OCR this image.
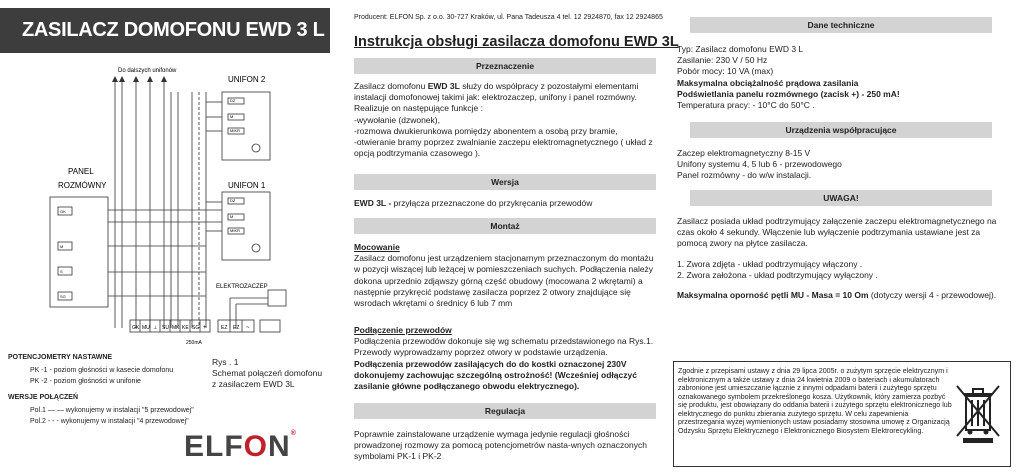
ZASILACZ DOMOFONU EWD 3 L
Do dalszych unifonów
UNIFON 2
UNIFON 1
PANEL
ROZMÓWNY
ELEKTROZACZEP
250mA
DZ
M
MIKR
DZ
M
MIKR
GK
M
S
SG
GK MU ⊥ SU MK KE SG +	EZ EZ ~
POTENCJOMETRY NASTAWNE
PK -1 - poziom głośności w kasecie domofonu
PK -2 - poziom głośności w unifonie
WERSJE POŁĄCZEŃ
Pol.1 — — wykonujemy w instalacji "5 przewodowej"
Pol.2 - - - wykonujemy w instalacji "4 przewodowej"
Rys . 1
Schemat połączeń domofonu
z zasilaczem EWD 3L
ELFON®
Producent: ELFON Sp. z o.o. 30-727 Kraków, ul. Pana Tadeusza 4 tel. 12 2924870, fax 12 2924865
Instrukcja obsługi zasilacza domofonu EWD 3L
Przeznaczenie
Zasilacz domofonu EWD 3L służy do współpracy z pozostałymi elementami instalacji domofonowej takimi jak: elektrozaczep, unifony i panel rozmówny. Realizuje on następujące funkcje :
-wywołanie (dzwonek),
-rozmowa dwukierunkowa pomiędzy abonentem a osobą przy bramie,
-otwieranie bramy poprzez zwalnianie zaczepu elektromagnetycznego ( układ z opcją podtrzymania czasowego ).
Wersja
EWD 3L - przyłącza przeznaczone do przykręcania przewodów
Montaż
Mocowanie
Zasilacz domofonu jest urządzeniem stacjonarnym przeznaczonym do montażu w pozycji wiszącej lub leżącej w pomieszczeniach suchych. Podłączenia należy dokona uprzednio zdjąwszy górną część obudowy (mocowana 2 wkrętami) a następnie przykręcić podstawę zasilacza poprzez 2 otwory znajdujące się wsrodach wkrętami o średnicy 6 lub 7 mm
Podłączenie przewodów
Podłączenia przewodów dokonuje się wg schematu przedstawionego na Rys.1. Przewody wyprowadzamy poprzez otwory w podstawie urządzenia.
Podłączenia przewodów zasilających do do kostki oznaczonej 230V dokonujemy zachowując szczególną ostrożność! (Wcześniej odłączyć zasilanie główne podłączanego obwodu elektrycznego).
Regulacja
Poprawnie zainstalowane urządzenie wymaga jedynie regulacji głośności prowadzonej rozmowy za pomocą potencjometrów nasta-wnych oznaczonych symbolami PK-1 i PK-2
Dane techniczne
Typ: Zasilacz domofonu EWD 3 L
Zasilanie: 230 V / 50 Hz
Pobór mocy: 10 VA (max)
Maksymalna obciążalność prądowa zasilania
Podświetlania panelu rozmównego (zacisk +) - 250 mA!
Temperatura pracy: - 10°C do 50°C .
Urządzenia współpracujące
Zaczep elektromagnetyczny 8-15 V
Unifony systemu 4, 5 lub 6 - przewodowego
Panel rozmówny - do w/w instalacji.
UWAGA!
Zasilacz posiada układ podtrzymujący załączenie zaczepu elektromagnetycznego na czas około 4 sekundy. Włączenie lub wyłączenie podtrzymania ustawiane jest za pomocą zwory na płytce zasilacza.
1. Zwora zdjęta - układ podtrzymujący włączony .
2. Zwora założona - układ podtrzymujący wyłączony .
Maksymalna oporność pętli MU - Masa = 10 Om (dotyczy wersji 4 - przewodowej).
Zgodnie z przepisami ustawy z dnia 29 lipca 2005r. o zużytym sprzęcie elektrycznym i elektronicznym a także ustawy z dnia 24 kwietnia 2009 o bateriach i akumulatorach zabronione jest umieszczanie łącznie z innymi odpadami baterii i zużytego sprzętu oznakowanego symbolem przekreślonego kosza. Użytkownik, który zamierza pozbyć się produktu, jest obowiązany do oddania baterii i zużytego sprzętu elektronicznego lub elektrycznego do punktu zbierania zużytego sprzętu. W celu zapewnienia przestrzegania wyżej wymienionych ustaw posiadamy stosowna umowę z Organizacją Odzysku Sprzętu Elektrycznego i Elektronicznego Biosystem Elektrorecykling.
